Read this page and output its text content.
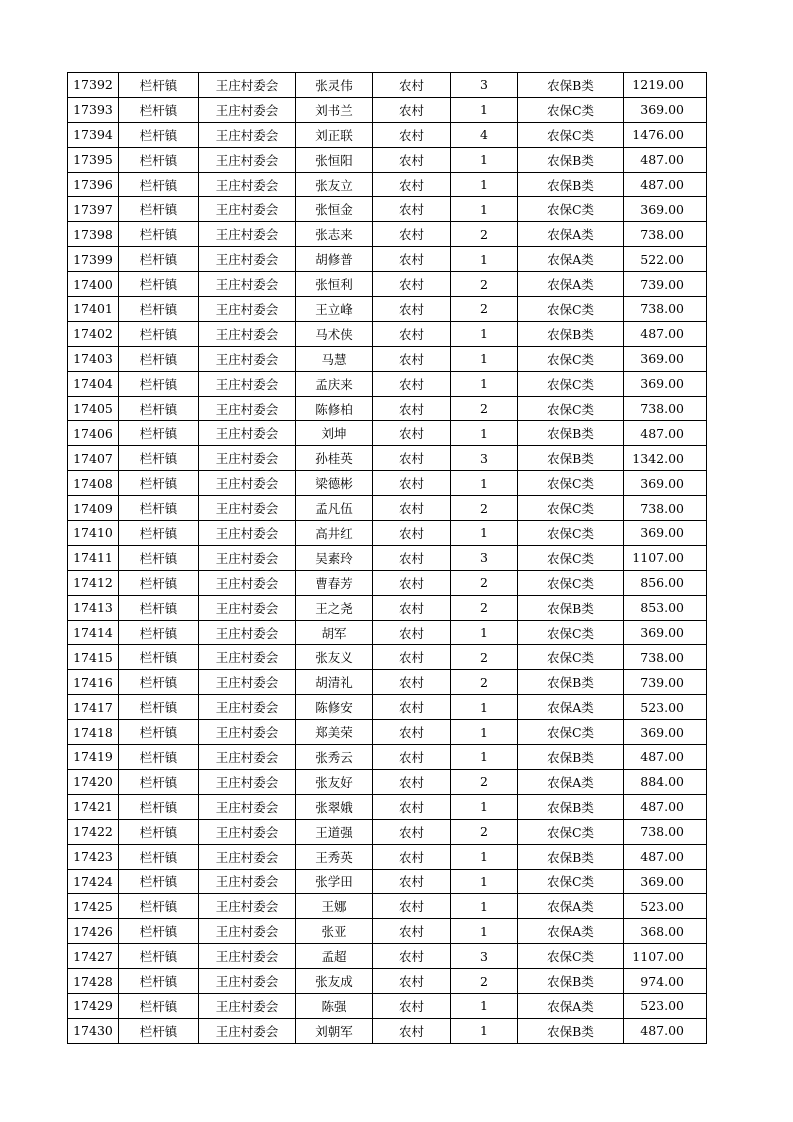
17392	栏杆镇	王庄村委会	张灵伟	农村	3	农保B类	1219.00
17393	栏杆镇	王庄村委会	刘书兰	农村	1	农保C类	369.00
17394	栏杆镇	王庄村委会	刘正联	农村	4	农保C类	1476.00
17395	栏杆镇	王庄村委会	张恒阳	农村	1	农保B类	487.00
17396	栏杆镇	王庄村委会	张友立	农村	1	农保B类	487.00
17397	栏杆镇	王庄村委会	张恒金	农村	1	农保C类	369.00
17398	栏杆镇	王庄村委会	张志来	农村	2	农保A类	738.00
17399	栏杆镇	王庄村委会	胡修普	农村	1	农保A类	522.00
17400	栏杆镇	王庄村委会	张恒利	农村	2	农保A类	739.00
17401	栏杆镇	王庄村委会	王立峰	农村	2	农保C类	738.00
17402	栏杆镇	王庄村委会	马术侠	农村	1	农保B类	487.00
17403	栏杆镇	王庄村委会	马慧	农村	1	农保C类	369.00
17404	栏杆镇	王庄村委会	孟庆来	农村	1	农保C类	369.00
17405	栏杆镇	王庄村委会	陈修柏	农村	2	农保C类	738.00
17406	栏杆镇	王庄村委会	刘坤	农村	1	农保B类	487.00
17407	栏杆镇	王庄村委会	孙桂英	农村	3	农保B类	1342.00
17408	栏杆镇	王庄村委会	梁德彬	农村	1	农保C类	369.00
17409	栏杆镇	王庄村委会	孟凡伍	农村	2	农保C类	738.00
17410	栏杆镇	王庄村委会	高井红	农村	1	农保C类	369.00
17411	栏杆镇	王庄村委会	吴素玲	农村	3	农保C类	1107.00
17412	栏杆镇	王庄村委会	曹春芳	农村	2	农保C类	856.00
17413	栏杆镇	王庄村委会	王之尧	农村	2	农保B类	853.00
17414	栏杆镇	王庄村委会	胡军	农村	1	农保C类	369.00
17415	栏杆镇	王庄村委会	张友义	农村	2	农保C类	738.00
17416	栏杆镇	王庄村委会	胡清礼	农村	2	农保B类	739.00
17417	栏杆镇	王庄村委会	陈修安	农村	1	农保A类	523.00
17418	栏杆镇	王庄村委会	郑美荣	农村	1	农保C类	369.00
17419	栏杆镇	王庄村委会	张秀云	农村	1	农保B类	487.00
17420	栏杆镇	王庄村委会	张友好	农村	2	农保A类	884.00
17421	栏杆镇	王庄村委会	张翠娥	农村	1	农保B类	487.00
17422	栏杆镇	王庄村委会	王道强	农村	2	农保C类	738.00
17423	栏杆镇	王庄村委会	王秀英	农村	1	农保B类	487.00
17424	栏杆镇	王庄村委会	张学田	农村	1	农保C类	369.00
17425	栏杆镇	王庄村委会	王娜	农村	1	农保A类	523.00
17426	栏杆镇	王庄村委会	张亚	农村	1	农保A类	368.00
17427	栏杆镇	王庄村委会	孟超	农村	3	农保C类	1107.00
17428	栏杆镇	王庄村委会	张友成	农村	2	农保B类	974.00
17429	栏杆镇	王庄村委会	陈强	农村	1	农保A类	523.00
17430	栏杆镇	王庄村委会	刘朝军	农村	1	农保B类	487.00
